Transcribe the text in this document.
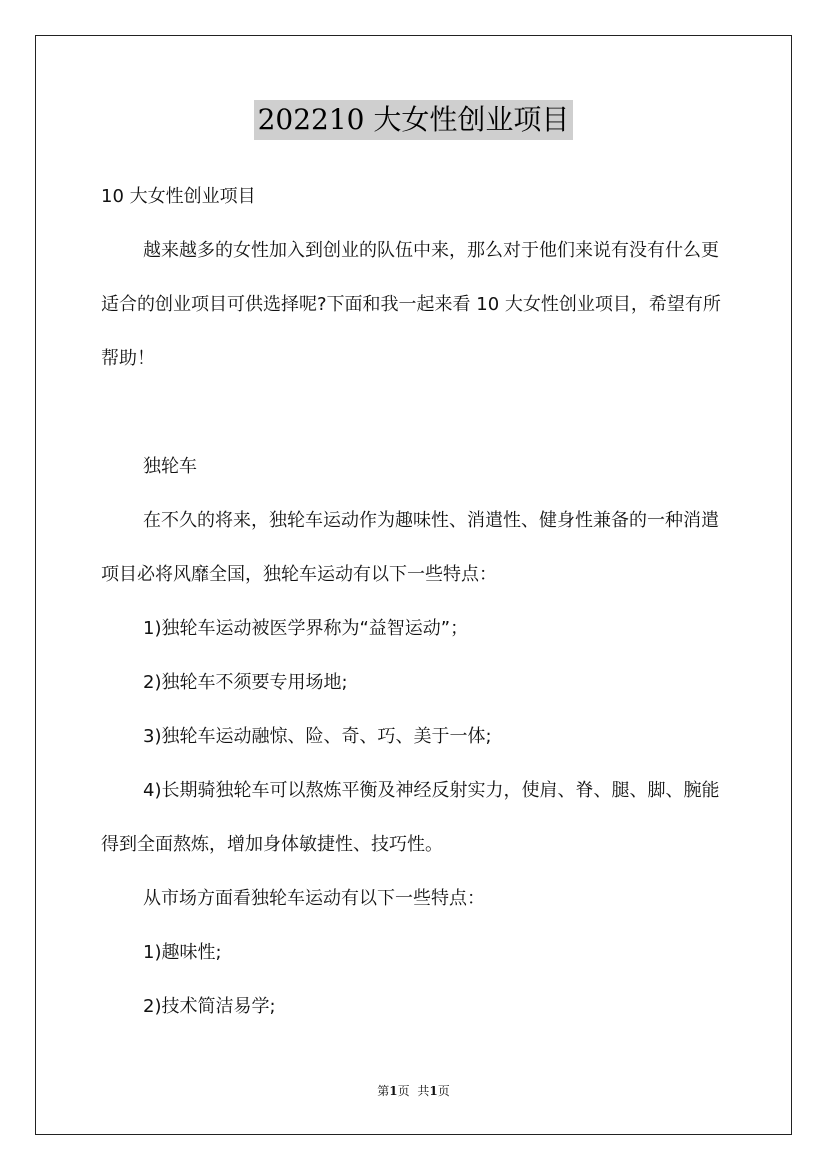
202210 大女性创业项目

10 大女性创业项目

越来越多的女性加入到创业的队伍中来，那么对于他们来说有没有什么更适合的创业项目可供选择呢?下面和我一起来看 10 大女性创业项目，希望有所帮助！

独轮车

在不久的将来，独轮车运动作为趣味性、消遣性、健身性兼备的一种消遣项目必将风靡全国，独轮车运动有以下一些特点：

1)独轮车运动被医学界称为“益智运动”；

2)独轮车不须要专用场地;

3)独轮车运动融惊、险、奇、巧、美于一体;

4)长期骑独轮车可以熬炼平衡及神经反射实力，使肩、脊、腿、脚、腕能得到全面熬炼，增加身体敏捷性、技巧性。

从市场方面看独轮车运动有以下一些特点：

1)趣味性;

2)技术简洁易学;

第1页 共1页
